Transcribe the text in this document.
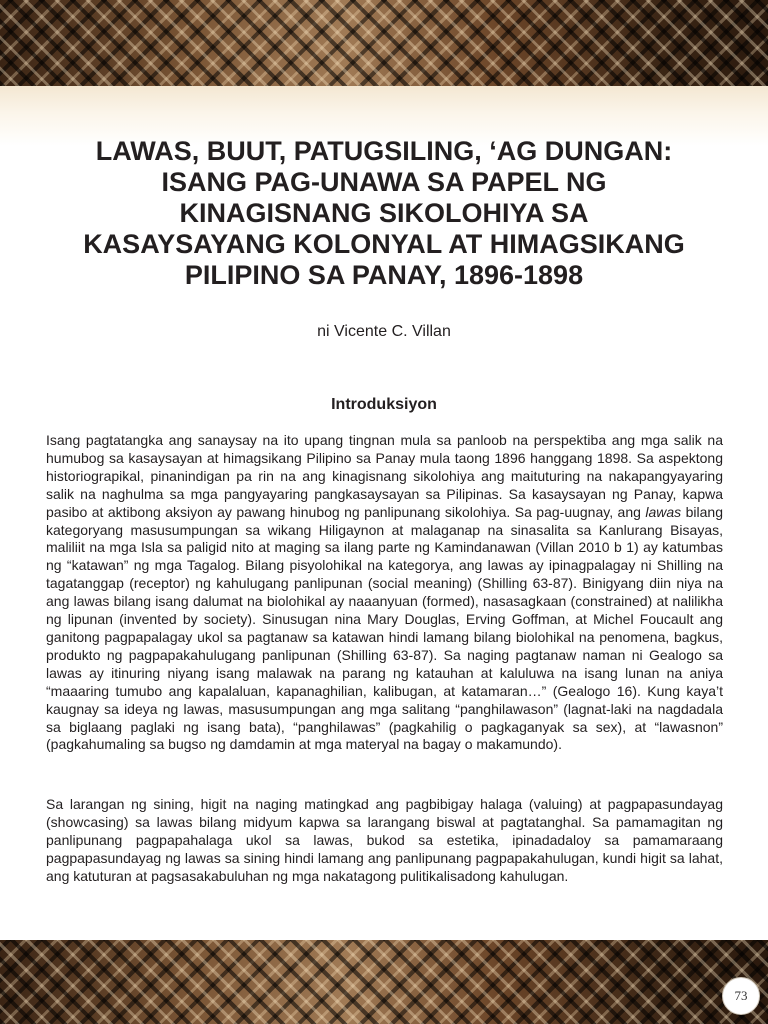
LAWAS, BUUT, PATUGSILING, ‘AG DUNGAN:
ISANG PAG-UNAWA SA PAPEL NG
KINAGISNANG SIKOLOHIYA SA
KASAYSAYANG KOLONYAL AT HIMAGSIKANG
PILIPINO SA PANAY, 1896-1898
ni Vicente C. Villan
Introduksiyon

Isang pagtatangka ang sanaysay na ito upang tingnan mula sa panloob na perspektiba ang mga salik na humubog sa kasaysayan at himagsikang Pilipino sa Panay mula taong 1896 hanggang 1898. Sa aspektong historiograpikal, pinanindigan pa rin na ang kinagisnang sikolohiya ang maituturing na nakapangyayaring salik na naghulma sa mga pangyayaring pangkasaysayan sa Pilipinas. Sa kasaysayan ng Panay, kapwa pasibo at aktibong aksiyon ay pawang hinubog ng panlipunang sikolohiya. Sa pag-uugnay, ang lawas bilang kategoryang masusumpungan sa wikang Hiligaynon at malaganap na sinasalita sa Kanlurang Bisayas, maliliit na mga Isla sa paligid nito at maging sa ilang parte ng Kamindanawan (Villan 2010 b 1) ay katumbas ng “katawan” ng mga Tagalog. Bilang pisyolohikal na kategorya, ang lawas ay ipinagpalagay ni Shilling na tagatanggap (receptor) ng kahulugang panlipunan (social meaning) (Shilling 63-87). Binigyang diin niya na ang lawas bilang isang dalumat na biolohikal ay naaanyuan (formed), nasasagkaan (constrained) at nalilikha ng lipunan (invented by society). Sinusugan nina Mary Douglas, Erving Goffman, at Michel Foucault ang ganitong pagpapalagay ukol sa pagtanaw sa katawan hindi lamang bilang biolohikal na penomena, bagkus, produkto ng pagpapakahulugang panlipunan (Shilling 63-87). Sa naging pagtanaw naman ni Gealogo sa lawas ay itinuring niyang isang malawak na parang ng katauhan at kaluluwa na isang lunan na aniya “maaaring tumubo ang kapalaluan, kapanaghilian, kalibugan, at katamaran…” (Gealogo 16). Kung kaya’t kaugnay sa ideya ng lawas, masusumpungan ang mga salitang “panghilawason” (lagnat-laki na nagdadala sa biglaang paglaki ng isang bata), “panghilawas” (pagkahilig o pagkaganyak sa sex), at “lawasnon” (pagkahumaling sa bugso ng damdamin at mga materyal na bagay o makamundo).

Sa larangan ng sining, higit na naging matingkad ang pagbibigay halaga (valuing) at pagpapasundayag (showcasing) sa lawas bilang midyum kapwa sa larangang biswal at pagtatanghal. Sa pamamagitan ng panlipunang pagpapahalaga ukol sa lawas, bukod sa estetika, ipinadadaloy sa pamamaraang pagpapasundayag ng lawas sa sining hindi lamang ang panlipunang pagpapakahulugan, kundi higit sa lahat, ang katuturan at pagsasakabuluhan ng mga nakatagong pulitikalisadong kahulugan.

73
